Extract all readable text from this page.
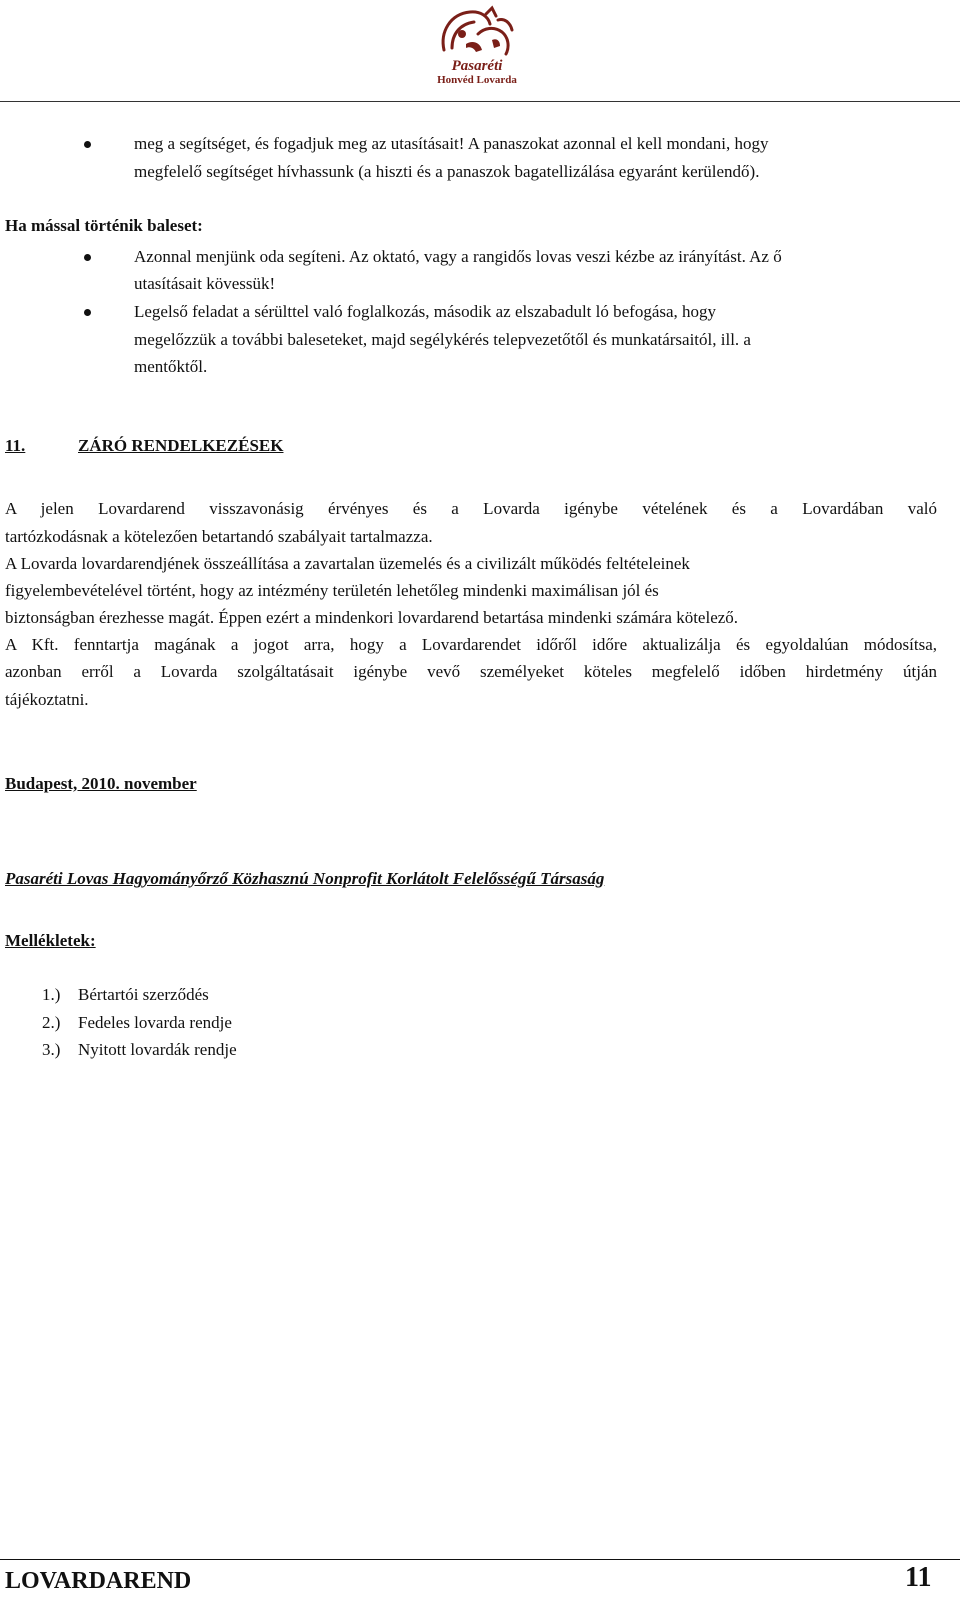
Pasaréti
Honvéd Lovarda
meg a segítséget, és fogadjuk meg az utasításait! A panaszokat azonnal el kell mondani, hogy
megfelelő segítséget hívhassunk (a hiszti és a panaszok bagatellizálása egyaránt kerülendő).
Ha mással történik baleset:
Azonnal menjünk oda segíteni. Az oktató, vagy a rangidős lovas veszi kézbe az irányítást. Az ő
utasításait kövessük!
Legelső feladat a sérülttel való foglalkozás, második az elszabadult ló befogása, hogy
megelőzzük a további baleseteket, majd segélykérés telepvezetőtől és munkatársaitól, ill. a
mentőktől.
11.	ZÁRÓ RENDELKEZÉSEK
A jelen Lovardarend visszavonásig érvényes és a Lovarda igénybe vételének és a Lovardában való
tartózkodásnak a kötelezően betartandó szabályait tartalmazza.
A Lovarda lovardarendjének összeállítása a zavartalan üzemelés és a civilizált működés feltételeinek
figyelembevételével történt, hogy az intézmény területén lehetőleg mindenki maximálisan jól és
biztonságban érezhesse magát. Éppen ezért a mindenkori lovardarend betartása mindenki számára kötelező.
A Kft. fenntartja magának a jogot arra, hogy a Lovardarendet időről időre aktualizálja és egyoldalúan módosítsa,
azonban erről a Lovarda szolgáltatásait igénybe vevő személyeket köteles megfelelő időben hirdetmény útján
tájékoztatni.
Budapest, 2010. november
Pasaréti Lovas Hagyományőrző Közhasznú Nonprofit Korlátolt Felelősségű Társaság
Mellékletek:
1.) Bértartói szerződés
2.) Fedeles lovarda rendje
3.) Nyitott lovardák rendje
LOVARDAREND	11
